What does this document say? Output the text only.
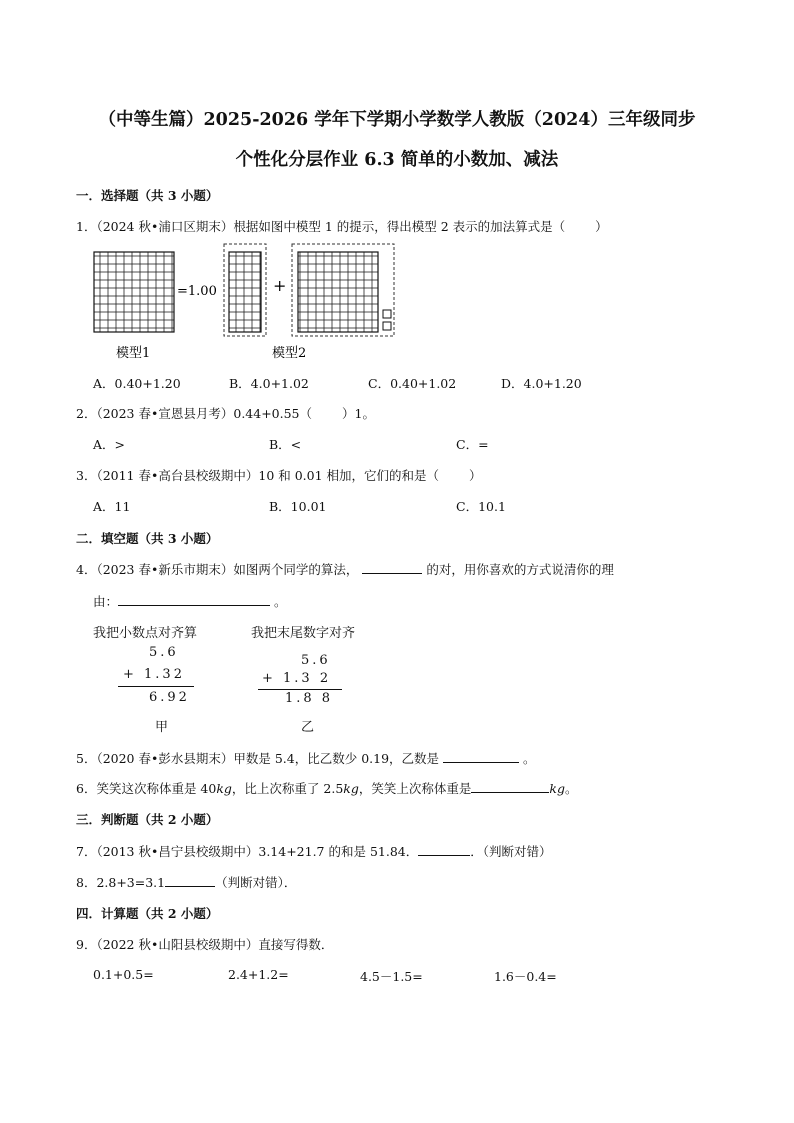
（中等生篇）2025-2026 学年下学期小学数学人教版（2024）三年级同步
个性化分层作业 6.3 简单的小数加、减法
一．选择题（共 3 小题）
1．（2024 秋•浦口区期末）根据如图中模型 1 的提示，得出模型 2 表示的加法算式是（ ）
=1.00	+
模型1	模型2
A．0.40+1.20	B．4.0+1.02	C．0.40+1.02	D．4.0+1.20
2．（2023 春•宣恩县月考）0.44+0.55（ ）1。
A．>	B．<	C．=
3．（2011 春•高台县校级期中）10 和 0.01 相加，它们的和是（ ）
A．11	B．10.01	C．10.1
二．填空题（共 3 小题）
4．（2023 春•新乐市期末）如图两个同学的算法，	的对，用你喜欢的方式说清你的理
由：	。
我把小数点对齐算	我把末尾数字对齐
5.6
+ 1.32
6.92
甲
5.6
+ 1.3 2
1.8 8
乙
5．（2020 春•彭水县期末）甲数是 5.4，比乙数少 0.19，乙数是	。
6．笑笑这次称体重是 40kg，比上次称重了 2.5kg，笑笑上次称体重是	kg。
三．判断题（共 2 小题）
7．（2013 秋•昌宁县校级期中）3.14+21.7 的和是 51.84．	．（判断对错）
8．2.8+3=3.1	（判断对错）．
四．计算题（共 2 小题）
9．（2022 秋•山阳县校级期中）直接写得数．
0.1+0.5=	2.4+1.2=	4.5－1.5=	1.6－0.4=
